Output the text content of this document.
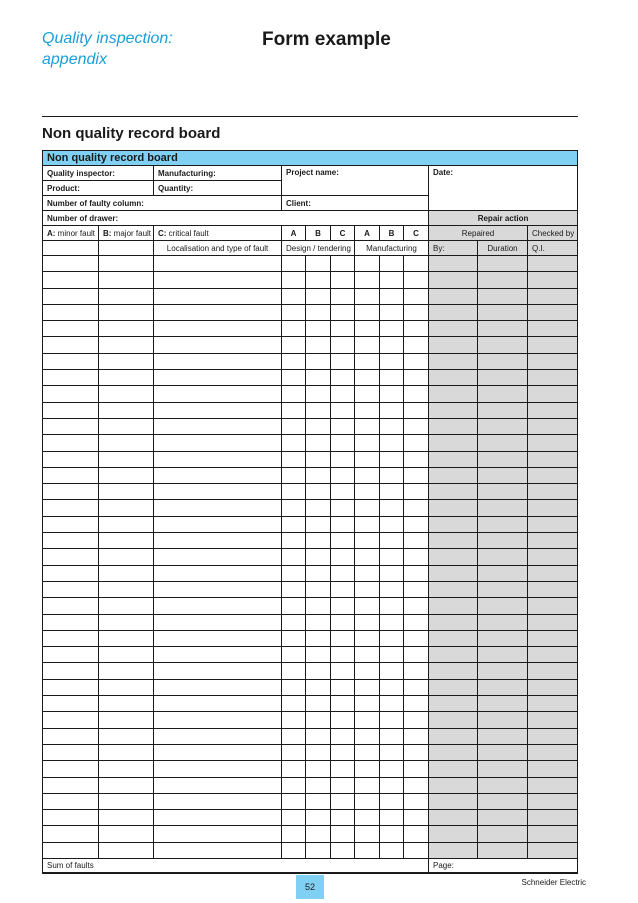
Quality inspection:
appendix
Form example
Non quality record board
Non quality record board											
Quality inspector:		Manufacturing:	Project name:						Date:		
Product:		Quantity:									
Number of faulty column:			Client:								
Number of drawer:									Repair action		
A: minor fault	B: major fault	C: critical fault	A	B	C	A	B	C	Repaired		Checked by
		Localisation and type of fault	Design / tendering			Manufacturing			By:	Duration	Q.I.

Sum of faults									Page:		
52	Schneider Electric
